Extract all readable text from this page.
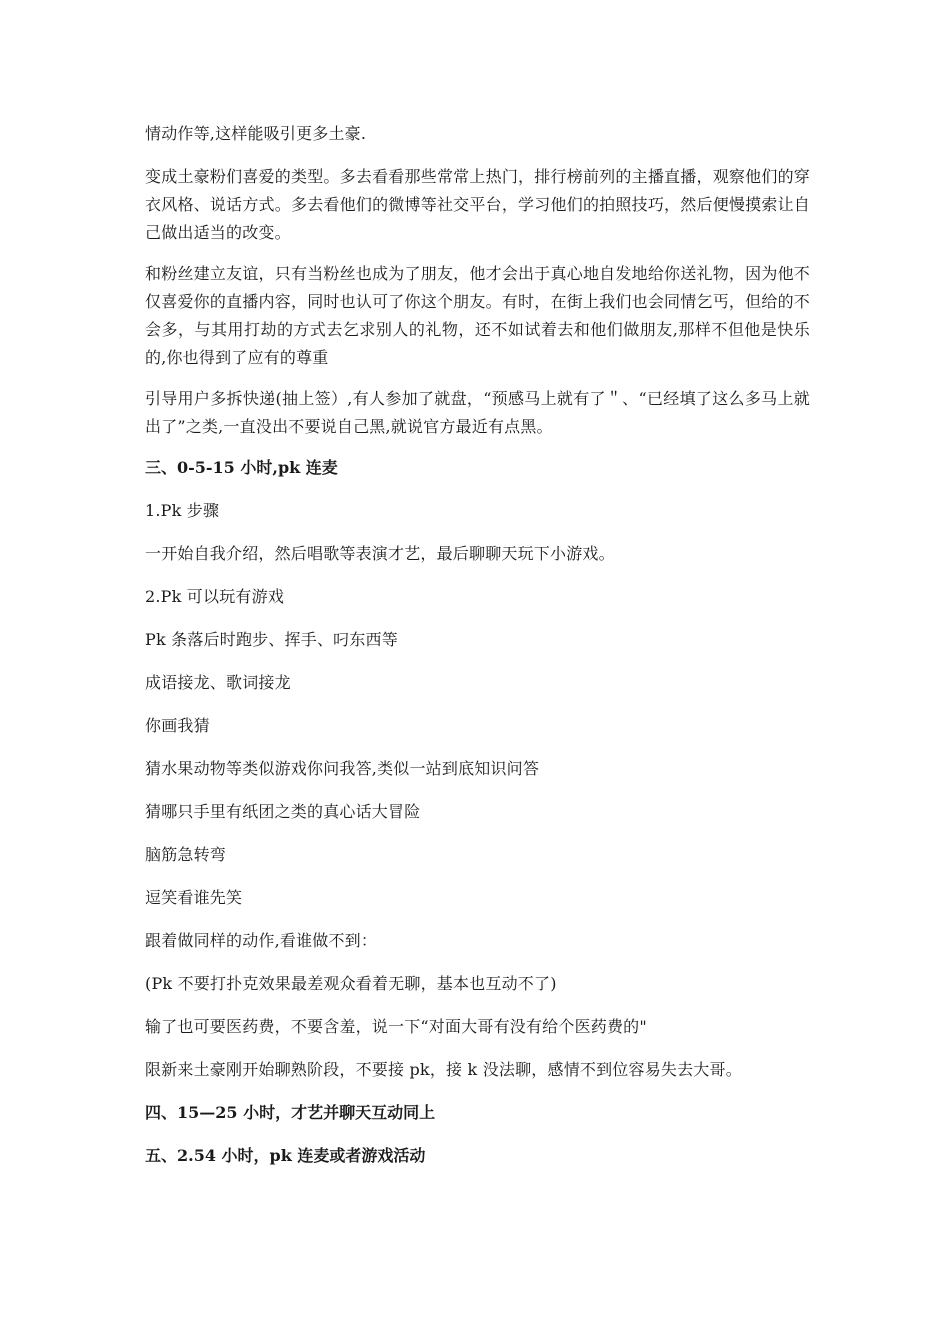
情动作等,这样能吸引更多土豪.

变成土豪粉们喜爱的类型。多去看看那些常常上热门，排行榜前列的主播直播，观察他们的穿衣风格、说话方式。多去看他们的微博等社交平台，学习他们的拍照技巧，然后便慢摸索让自己做出适当的改变。

和粉丝建立友谊，只有当粉丝也成为了朋友，他才会出于真心地自发地给你送礼物，因为他不仅喜爱你的直播内容，同时也认可了你这个朋友。有时，在街上我们也会同情乞丐，但给的不会多，与其用打劫的方式去乞求别人的礼物，还不如试着去和他们做朋友,那样不但他是快乐的,你也得到了应有的尊重

引导用户多拆快递(抽上签）,有人参加了就盘，“预感马上就有了＂、“已经填了这么多马上就出了”之类,一直没出不要说自己黑,就说官方最近有点黑。

三、0-5-15 小时,pk 连麦

1.Pk 步骤

一开始自我介绍，然后唱歌等表演才艺，最后聊聊天玩下小游戏。

2.Pk 可以玩有游戏

Pk 条落后时跑步、挥手、叼东西等

成语接龙、歌词接龙

你画我猜

猜水果动物等类似游戏你问我答,类似一站到底知识问答

猜哪只手里有纸团之类的真心话大冒险

脑筋急转弯

逗笑看谁先笑

跟着做同样的动作,看谁做不到：

(Pk 不要打扑克效果最差观众看着无聊，基本也互动不了)

输了也可要医药费，不要含羞，说一下“对面大哥有没有给个医药费的"

限新来土豪刚开始聊熟阶段，不要接 pk，接 k 没法聊，感情不到位容易失去大哥。

四、15—25 小时，才艺并聊天互动同上

五、2.54 小时，pk 连麦或者游戏活动
